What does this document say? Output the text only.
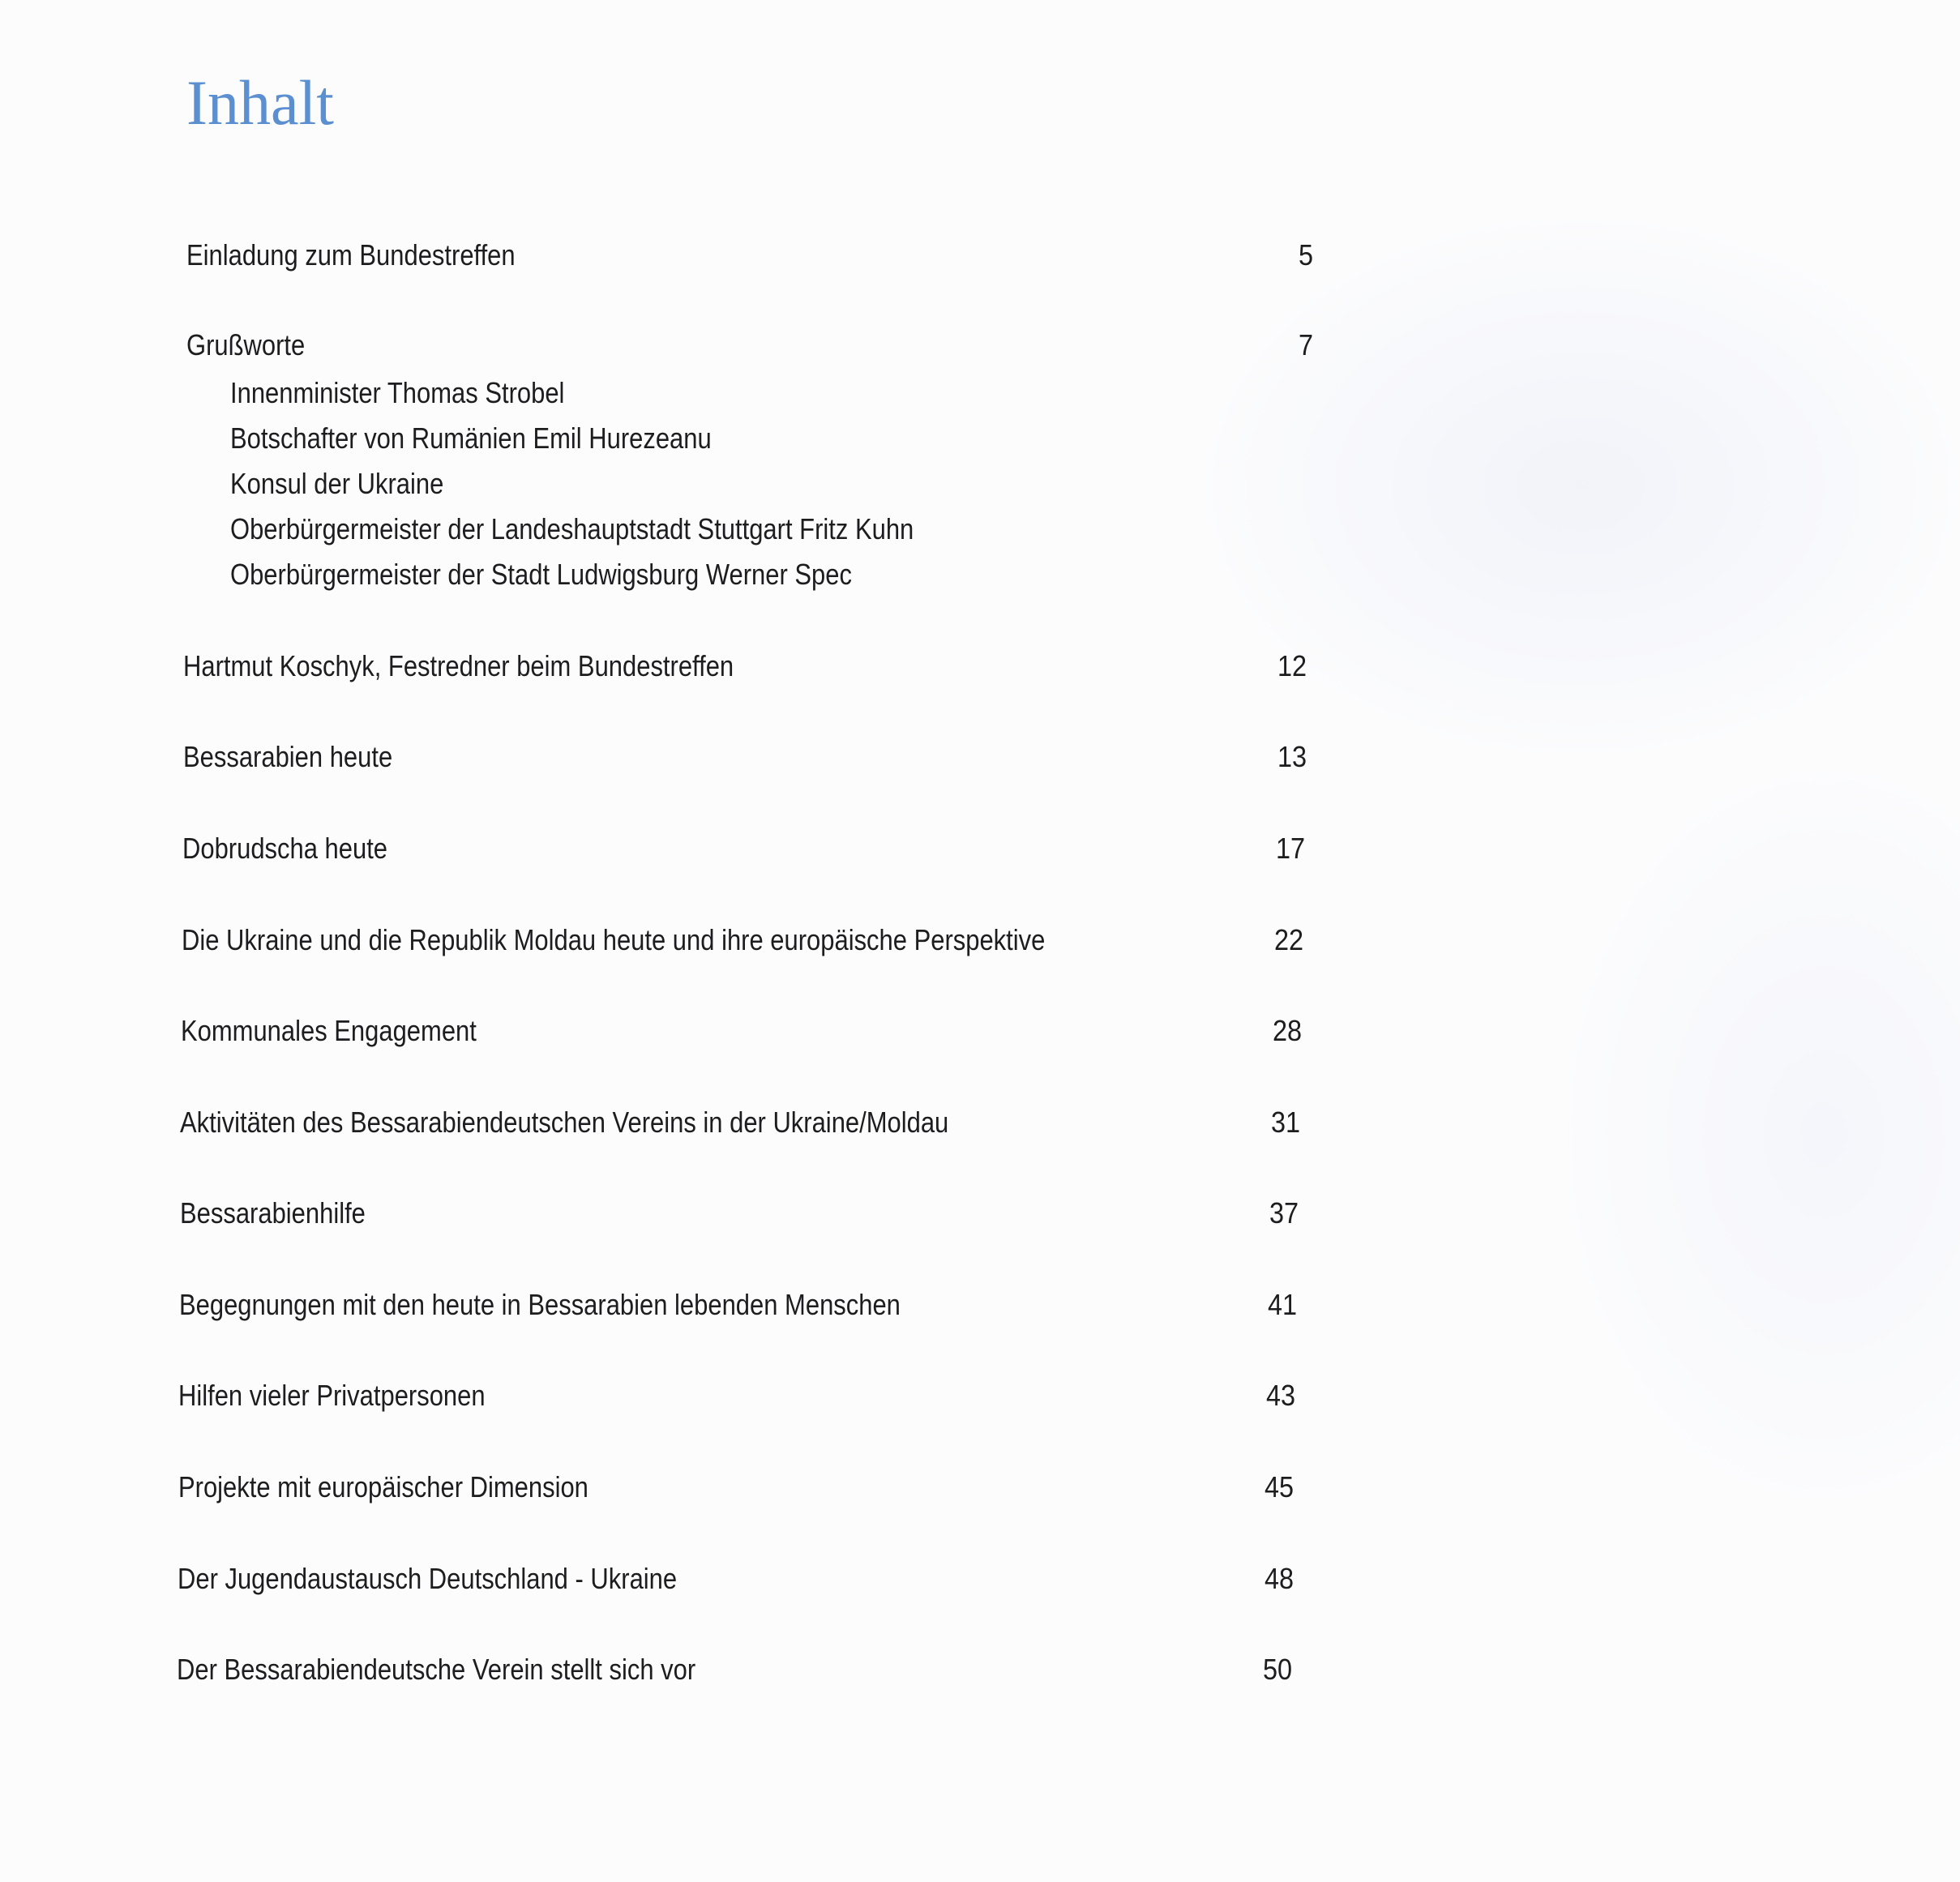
Inhalt
Einladung zum Bundestreffen	5
Grußworte	7
Innenminister Thomas Strobel
Botschafter von Rumänien Emil Hurezeanu
Konsul der Ukraine
Oberbürgermeister der Landeshauptstadt Stuttgart Fritz Kuhn
Oberbürgermeister der Stadt Ludwigsburg Werner Spec
Hartmut Koschyk, Festredner beim Bundestreffen	12
Bessarabien heute	13
Dobrudscha heute	17
Die Ukraine und die Republik Moldau heute und ihre europäische Perspektive	22
Kommunales Engagement	28
Aktivitäten des Bessarabiendeutschen Vereins in der Ukraine/Moldau	31
Bessarabienhilfe	37
Begegnungen mit den heute in Bessarabien lebenden Menschen	41
Hilfen vieler Privatpersonen	43
Projekte mit europäischer Dimension	45
Der Jugendaustausch Deutschland - Ukraine	48
Der Bessarabiendeutsche Verein stellt sich vor	50
